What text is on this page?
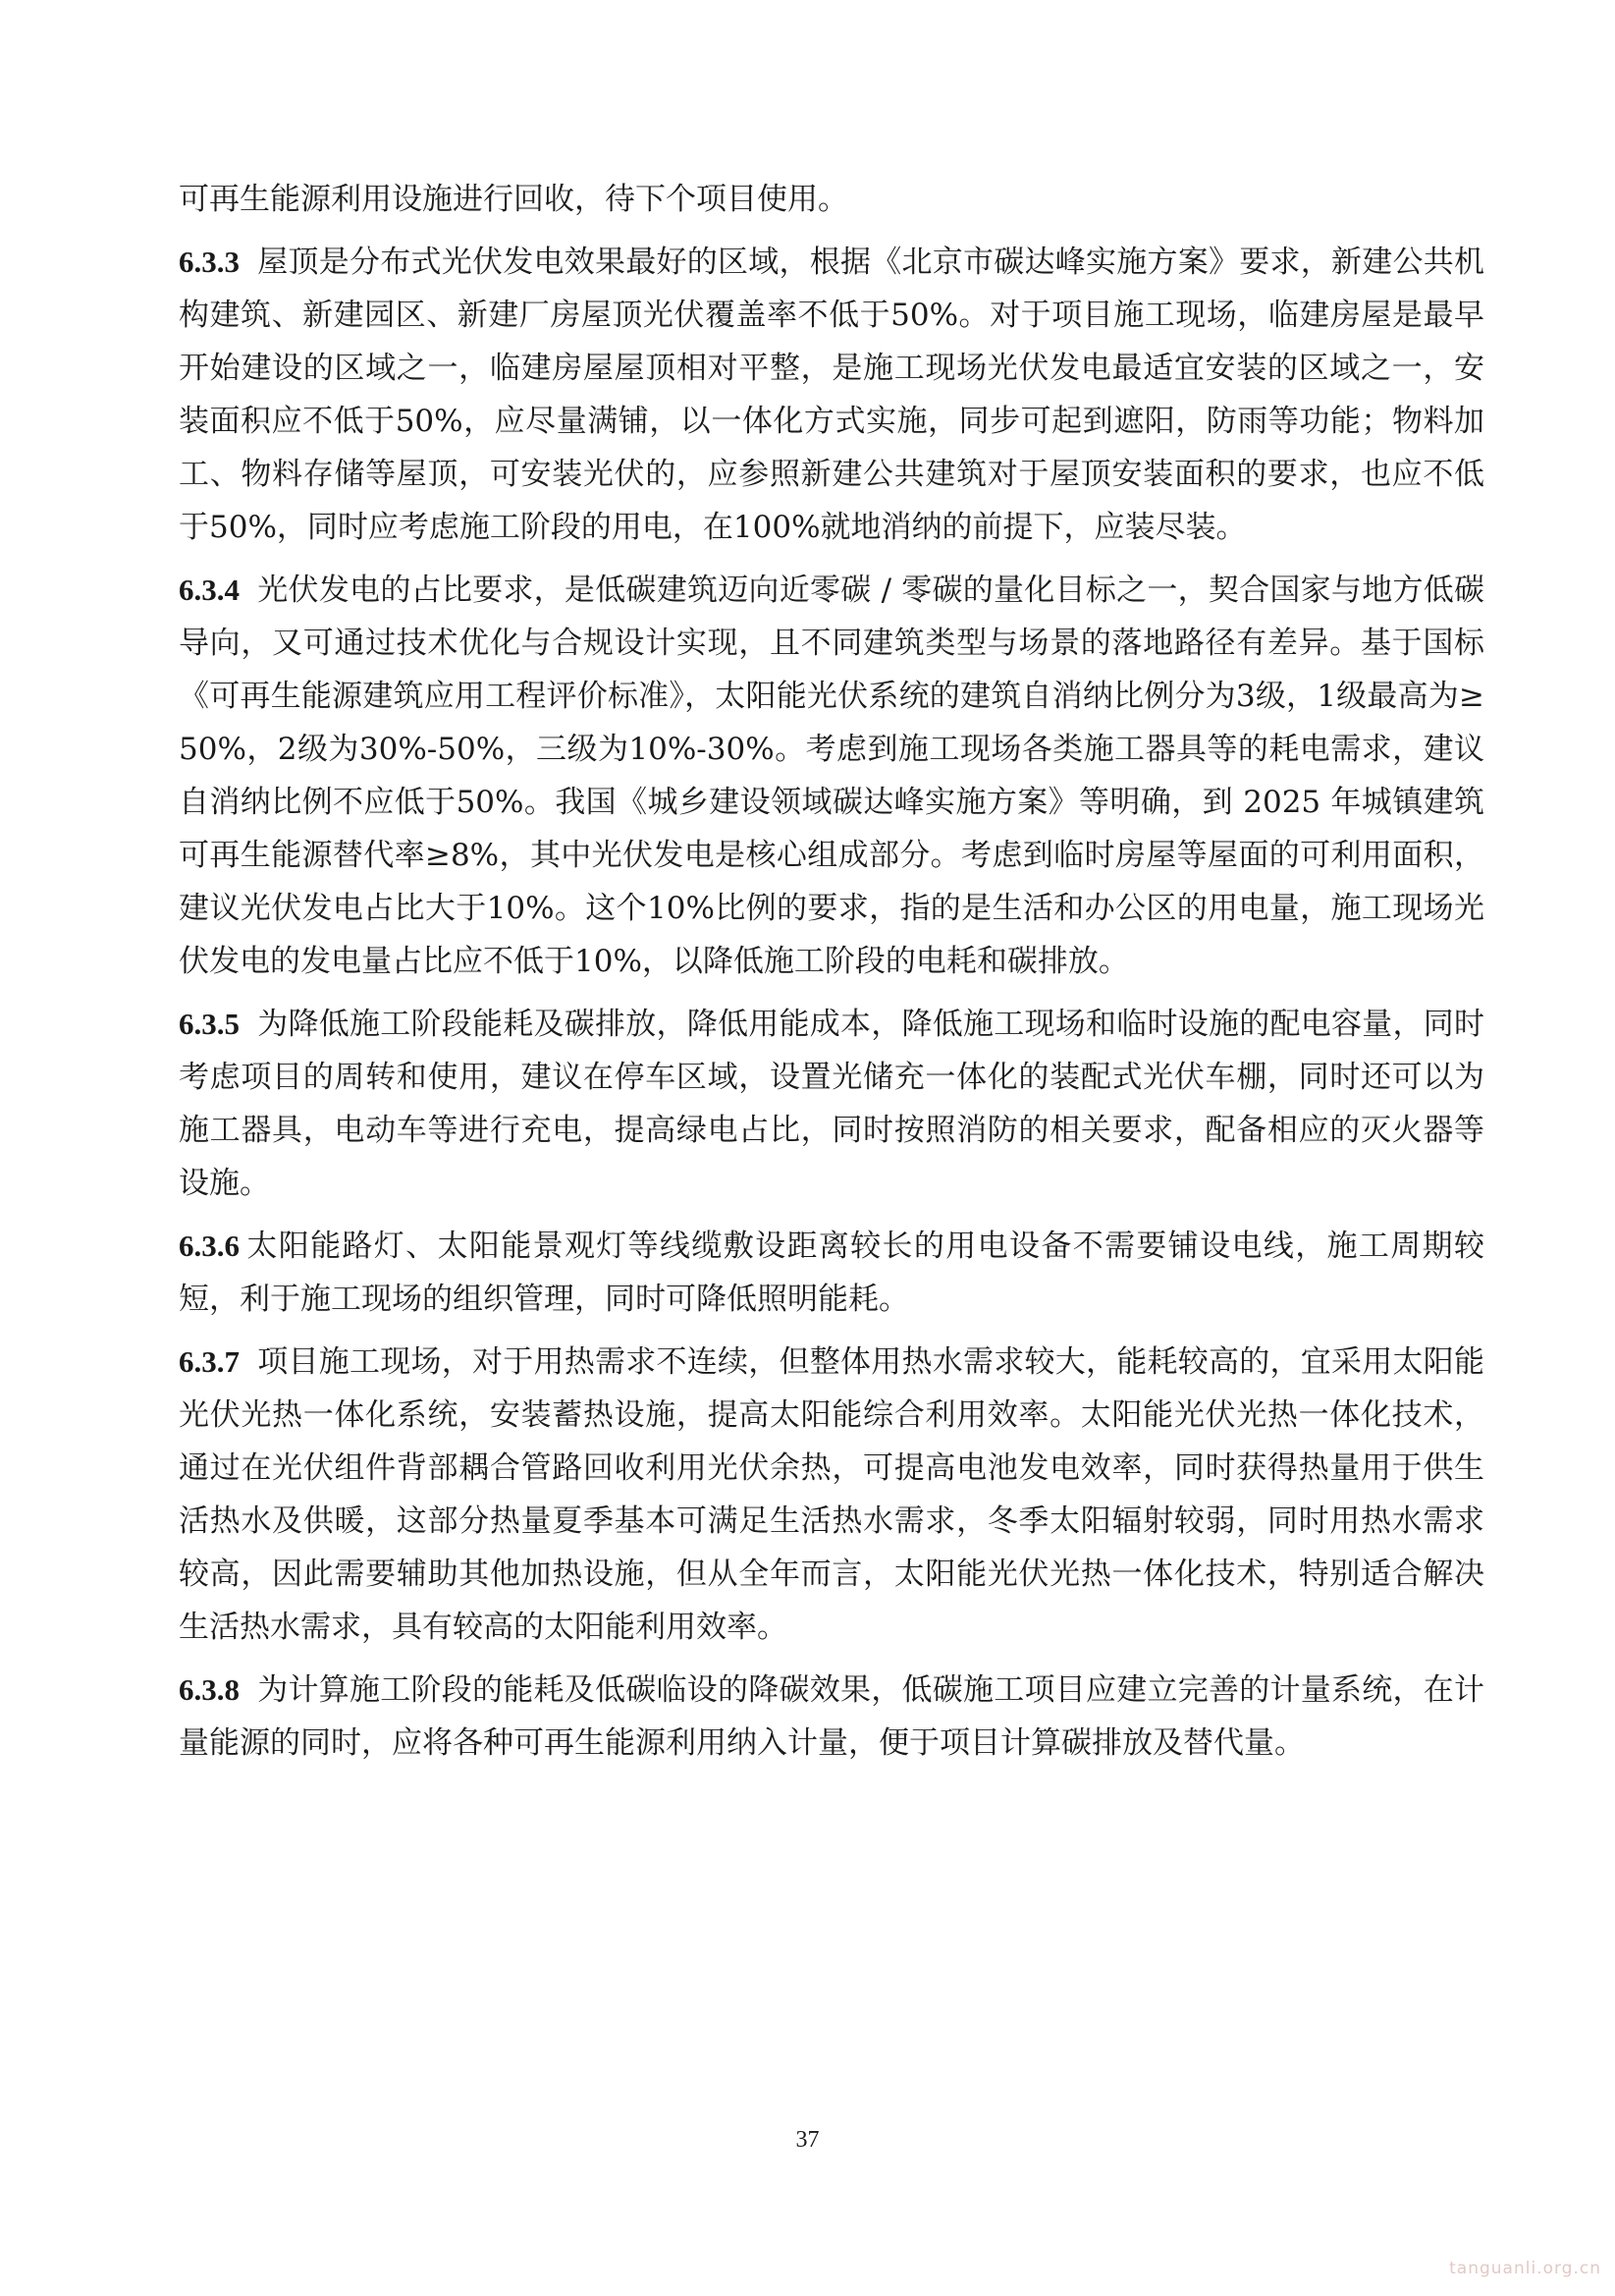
可再生能源利用设施进行回收，待下个项目使用。

6.3.3 屋顶是分布式光伏发电效果最好的区域，根据《北京市碳达峰实施方案》要求，新建公共机构建筑、新建园区、新建厂房屋顶光伏覆盖率不低于50%。对于项目施工现场，临建房屋是最早开始建设的区域之一，临建房屋屋顶相对平整，是施工现场光伏发电最适宜安装的区域之一，安装面积应不低于50%，应尽量满铺，以一体化方式实施，同步可起到遮阳，防雨等功能；物料加工、物料存储等屋顶，可安装光伏的，应参照新建公共建筑对于屋顶安装面积的要求，也应不低于50%，同时应考虑施工阶段的用电，在100%就地消纳的前提下，应装尽装。

6.3.4 光伏发电的占比要求，是低碳建筑迈向近零碳 / 零碳的量化目标之一，契合国家与地方低碳导向，又可通过技术优化与合规设计实现，且不同建筑类型与场景的落地路径有差异。基于国标《可再生能源建筑应用工程评价标准》，太阳能光伏系统的建筑自消纳比例分为3级，1级最高为≥50%，2级为30%-50%，三级为10%-30%。考虑到施工现场各类施工器具等的耗电需求，建议自消纳比例不应低于50%。我国《城乡建设领域碳达峰实施方案》等明确，到 2025 年城镇建筑可再生能源替代率≥8%，其中光伏发电是核心组成部分。考虑到临时房屋等屋面的可利用面积，建议光伏发电占比大于10%。这个10%比例的要求，指的是生活和办公区的用电量，施工现场光伏发电的发电量占比应不低于10%，以降低施工阶段的电耗和碳排放。

6.3.5 为降低施工阶段能耗及碳排放，降低用能成本，降低施工现场和临时设施的配电容量，同时考虑项目的周转和使用，建议在停车区域，设置光储充一体化的装配式光伏车棚，同时还可以为施工器具，电动车等进行充电，提高绿电占比，同时按照消防的相关要求，配备相应的灭火器等设施。

6.3.6 太阳能路灯、太阳能景观灯等线缆敷设距离较长的用电设备不需要铺设电线，施工周期较短，利于施工现场的组织管理，同时可降低照明能耗。

6.3.7 项目施工现场，对于用热需求不连续，但整体用热水需求较大，能耗较高的，宜采用太阳能光伏光热一体化系统，安装蓄热设施，提高太阳能综合利用效率。太阳能光伏光热一体化技术，通过在光伏组件背部耦合管路回收利用光伏余热，可提高电池发电效率，同时获得热量用于供生活热水及供暖，这部分热量夏季基本可满足生活热水需求，冬季太阳辐射较弱，同时用热水需求较高，因此需要辅助其他加热设施，但从全年而言，太阳能光伏光热一体化技术，特别适合解决生活热水需求，具有较高的太阳能利用效率。

6.3.8 为计算施工阶段的能耗及低碳临设的降碳效果，低碳施工项目应建立完善的计量系统，在计量能源的同时，应将各种可再生能源利用纳入计量，便于项目计算碳排放及替代量。

37
tanguanli.org.cn
